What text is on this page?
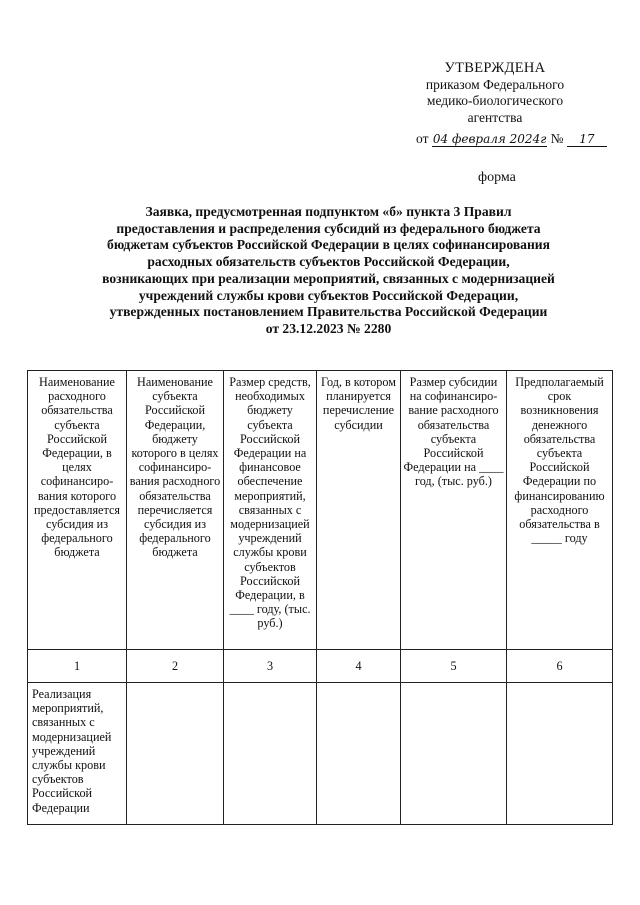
УТВЕРЖДЕНА
приказом Федерального
медико-биологического
агентства
от 04 февраля 2024г № 17
форма
Заявка, предусмотренная подпунктом «б» пункта 3 Правил
предоставления и распределения субсидий из федерального бюджета
бюджетам субъектов Российской Федерации в целях софинансирования
расходных обязательств субъектов Российской Федерации,
возникающих при реализации мероприятий, связанных с модернизацией
учреждений службы крови субъектов Российской Федерации,
утвержденных постановлением Правительства Российской Федерации
от 23.12.2023 № 2280
Наименование расходного обязательства субъекта Российской Федерации, в целях софинансиро-вания которого предоставляется субсидия из федерального бюджета	Наименование субъекта Российской Федерации, бюджету которого в целях софинансиро-вания расходного обязательства перечисляется субсидия из федерального бюджета	Размер средств, необходимых бюджету субъекта Российской Федерации на финансовое обеспечение мероприятий, связанных с модернизацией учреждений службы крови субъектов Российской Федерации, в ____ году, (тыс. руб.)	Год, в котором планируется перечисление субсидии	Размер субсидии на софинансиро-вание расходного обязательства субъекта Российской Федерации на ____ год, (тыс. руб.)	Предполагаемый срок возникновения денежного обязательства субъекта Российской Федерации по финансированию расходного обязательства в _____ году
1	2	3	4	5	6
Реализация мероприятий, связанных с модернизацией учреждений службы крови субъектов Российской Федерации					
